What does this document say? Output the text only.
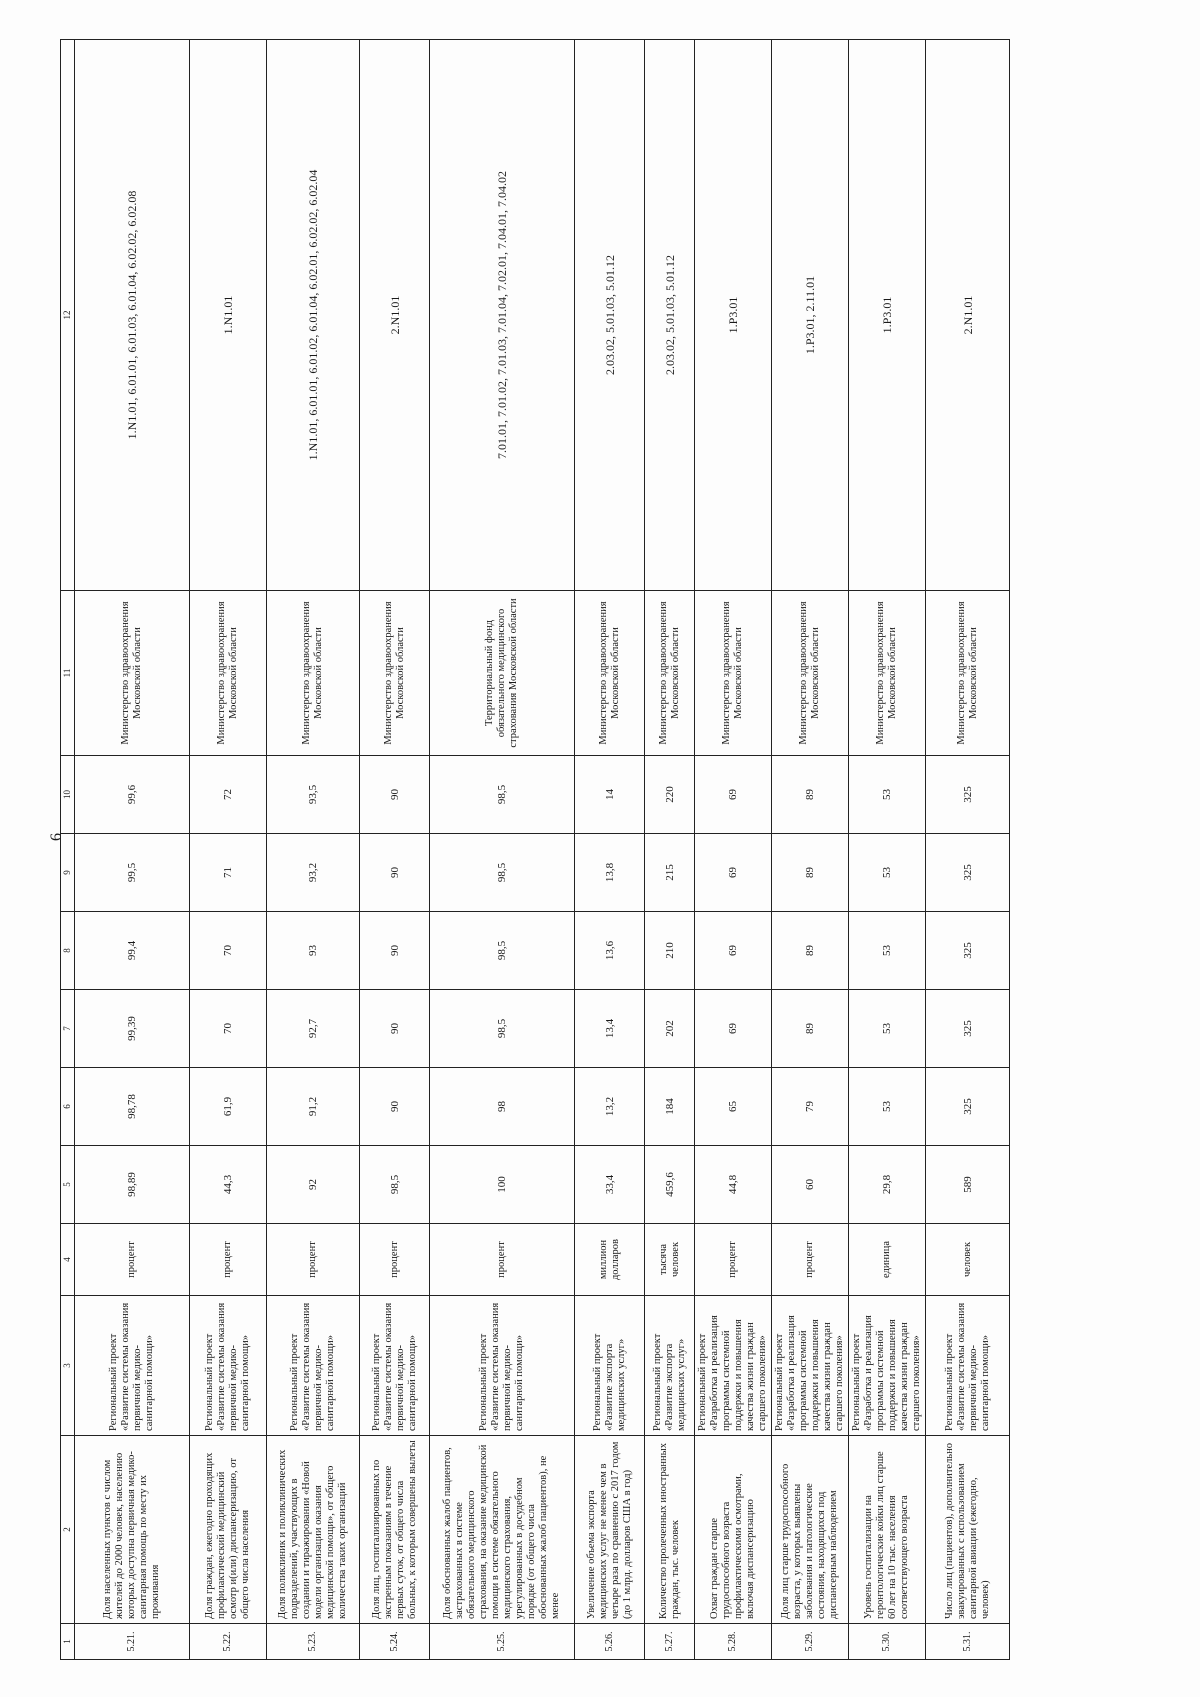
6
1	2	3	4	5	6	7	8	9	10	11	12
5.21.	Доля населенных пунктов с числом жителей до 2000 человек, населению которых доступна первичная медико-санитарная помощь по месту их проживания	Региональный проект «Развитие системы оказания первичной медико-санитарной помощи»	процент	98,89	98,78	99,39	99,4	99,5	99,6	Министерство здравоохранения Московской области	1.N1.01, 6.01.01, 6.01.03, 6.01.04, 6.02.02, 6.02.08
5.22.	Доля граждан, ежегодно проходящих профилактический медицинский осмотр и(или) диспансеризацию, от общего числа населения	Региональный проект «Развитие системы оказания первичной медико-санитарной помощи»	процент	44,3	61,9	70	70	71	72	Министерство здравоохранения Московской области	1.N1.01
5.23.	Доля поликлиник и поликлинических подразделений, участвующих в создании и тиражировании «Новой модели организации оказания медицинской помощи», от общего количества таких организаций	Региональный проект «Развитие системы оказания первичной медико-санитарной помощи»	процент	92	91,2	92,7	93	93,2	93,5	Министерство здравоохранения Московской области	1.N1.01, 6.01.01, 6.01.02, 6.01.04, 6.02.01, 6.02.02, 6.02.04
5.24.	Доля лиц, госпитализированных по экстренным показаниям в течение первых суток, от общего числа больных, к которым совершены вылеты	Региональный проект «Развитие системы оказания первичной медико-санитарной помощи»	процент	98,5	90	90	90	90	90	Министерство здравоохранения Московской области	2.N1.01
5.25.	Доля обоснованных жалоб пациентов, застрахованных в системе обязательного медицинского страхования, на оказание медицинской помощи в системе обязательного медицинского страхования, урегулированных в досудебном порядке (от общего числа обоснованных жалоб пациентов), не менее	Региональный проект «Развитие системы оказания первичной медико-санитарной помощи»	процент	100	98	98,5	98,5	98,5	98,5	Территориальный фонд обязательного медицинского страхования Московской области	7.01.01, 7.01.02, 7.01.03, 7.01.04, 7.02.01, 7.04.01, 7.04.02
5.26.	Увеличение объема экспорта медицинских услуг не менее чем в четыре раза по сравнению с 2017 годом (до 1 млрд. долларов США в год)	Региональный проект «Развитие экспорта медицинских услуг»	миллион долларов	33,4	13,2	13,4	13,6	13,8	14	Министерство здравоохранения Московской области	2.03.02, 5.01.03, 5.01.12
5.27.	Количество пролеченных иностранных граждан, тыс. человек	Региональный проект «Развитие экспорта медицинских услуг»	тысяча человек	459,6	184	202	210	215	220	Министерство здравоохранения Московской области	2.03.02, 5.01.03, 5.01.12
5.28.	Охват граждан старше трудоспособного возраста профилактическими осмотрами, включая диспансеризацию	Региональный проект «Разработка и реализация программы системной поддержки и повышения качества жизни граждан старшего поколения»	процент	44,8	65	69	69	69	69	Министерство здравоохранения Московской области	1.P3.01
5.29.	Доля лиц старше трудоспособного возраста, у которых выявлены заболевания и патологические состояния, находящихся под диспансерным наблюдением	Региональный проект «Разработка и реализация программы системной поддержки и повышения качества жизни граждан старшего поколения»	процент	60	79	89	89	89	89	Министерство здравоохранения Московской области	1.P3.01, 2.11.01
5.30.	Уровень госпитализации на геронтологические койки лиц старше 60 лет на 10 тыс. населения соответствующего возраста	Региональный проект «Разработка и реализация программы системной поддержки и повышения качества жизни граждан старшего поколения»	единица	29,8	53	53	53	53	53	Министерство здравоохранения Московской области	1.P3.01
5.31.	Число лиц (пациентов), дополнительно эвакуированных с использованием санитарной авиации (ежегодно, человек)	Региональный проект «Развитие системы оказания первичной медико-санитарной помощи»	человек	589	325	325	325	325	325	Министерство здравоохранения Московской области	2.N1.01
